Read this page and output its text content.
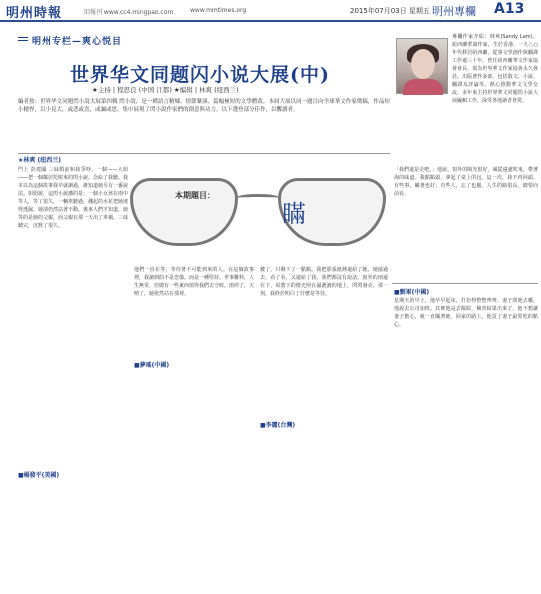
明州時報	旧報刊 www.cc4.mingpao.com	www.mmtimes.org	2015年07月03日 星期五 明州專欄 A13
明州专栏—爽心悦目
世界华文同题闪小说大展(中)
★主持 | 程思良 (中国 江都) ★编辑 | 林爽 (纽西兰)
專欄作家介紹：林爽(Sandy Lam)，紐西蘭華裔作家，生於香港，一九八○年代移居紐西蘭，從事文學創作與翻譯工作逾三十年。曾任紐西蘭華文作家協會會長，現為世界華文作家協會永久會員。出版著作多部，包括散文、小說、翻譯及評論等。熱心推動華文文學交流，多年來主持世界華文同題閃小說大展編輯工作，深受各地讀者喜愛。
編者按：世界华文同題閃小說大展第四輯 閃小說，是一種語言精煉、情節緊湊、篇幅極短的文學體裁。本屆大展以同一題目向全球華文作家徵稿，作品短小精悍，以小見大，或悲或喜，或諷或思，集中展現了閃小說作家們的創意與功力。以下選登部分佳作，以饗讀者。
★林爽 (纽西兰)
門上 彭建國 三妹婚前和我爭吵，一個——大姐——把一個鄰居托附來的閃小說，念給了我聽。我本以為這個故事我早就讀過，誰知道她另有一番說法。姐姐說，這閃小說講的是：一個小女孩在雨中等人，等了很久。一輛車駛過，濺起的水花把她澆得透濕，她卻仍然站著不動。後來人們才知道，她等的是她的父親，而父親在那一天出了車禍。三妹聽完，沉默了很久。
本期題目：
瞞
■楊發平(美國)
他們一直在等，等待著不可能到來的人。在這個故事裡，我讀到的不是悲傷，而是一種堅持。世事難料，人生無常，但總有一些東西值得我們去守候。雨停了，天晴了，她依然站在那裡。
■夢瑤(中國)
錢了，只剩下了一點點。我把那張紙條還給了她，她接過去，看了看，又還給了我。我們都沒有說話。窗外的雨還在下，屋簷下的燈光照在濕漉漉的地上，閃閃發亮。那一刻，我終於明白了什麼是等待。
■李麗(台灣)
「我們還是走吧。」他說。窗外的陽光很好，風從遠處吹來，帶著海的味道。我點點頭，拿起了桌上的包。這一次，我不再回頭。有些事，瞞著也好；有些人，忘了也罷。人生的路很長，總要向前看。
■劉軍(中國)
星期天的早上，他早早起床，打扮得整整齊齊。妻子問他去哪，他說去公司加班。其實他是去醫院，檢查結果出來了，他不想讓妻子擔心，就一直瞞著她。回家的路上，他買了妻子最愛吃的點心。
